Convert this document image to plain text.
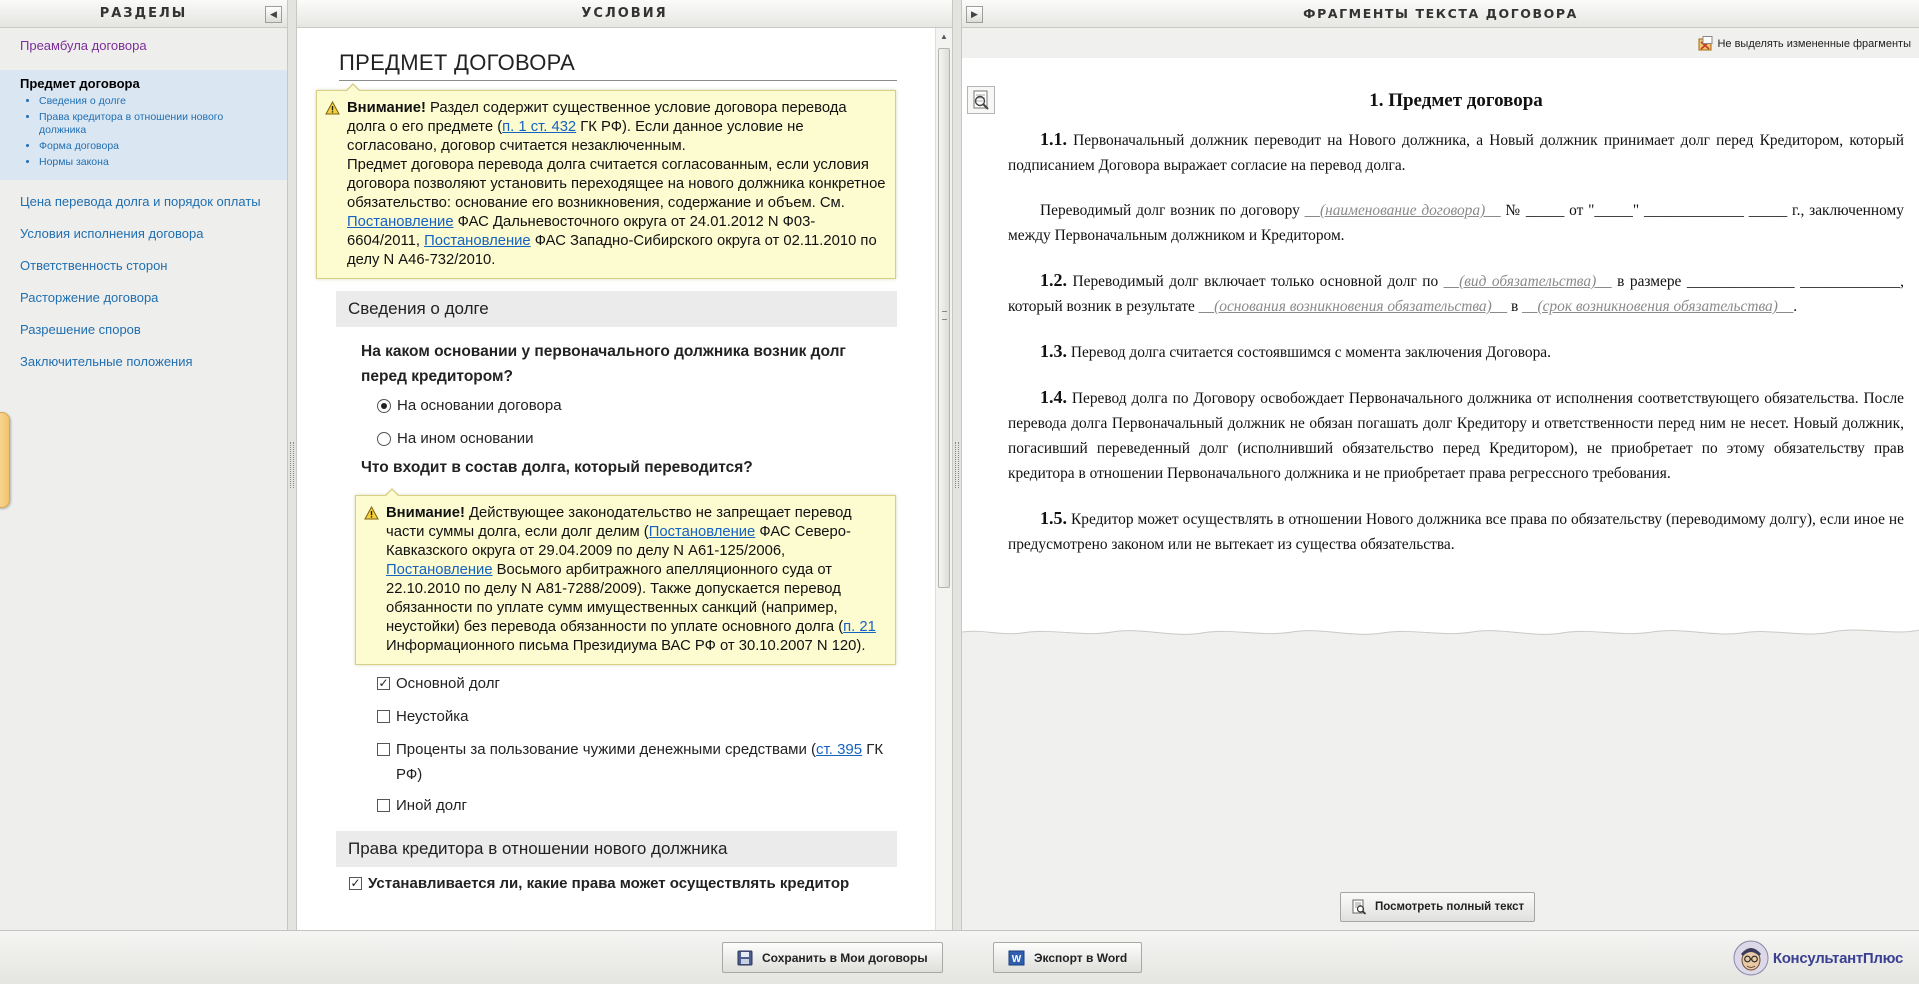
РАЗДЕЛЫ	◀
Преамбула договора
Предмет договора
• Сведения о долге
• Права кредитора в отношении нового должника
• Форма договора
• Нормы закона
Цена перевода долга и порядок оплаты
Условия исполнения договора
Ответственность сторон
Расторжение договора
Разрешение споров
Заключительные положения
УСЛОВИЯ
ПРЕДМЕТ ДОГОВОРА
Внимание! Раздел содержит существенное условие договора перевода долга о его предмете (п. 1 ст. 432 ГК РФ). Если данное условие не согласовано, договор считается незаключенным.
Предмет договора перевода долга считается согласованным, если условия договора позволяют установить переходящее на нового должника конкретное обязательство: основание его возникновения, содержание и объем. См. Постановление ФАС Дальневосточного округа от 24.01.2012 N Ф03-6604/2011, Постановление ФАС Западно-Сибирского округа от 02.11.2010 по делу N А46-732/2010.
Сведения о долге
На каком основании у первоначального должника возник долг перед кредитором?
На основании договора
На ином основании
Что входит в состав долга, который переводится?
Внимание! Действующее законодательство не запрещает перевод части суммы долга, если долг делим (Постановление ФАС Северо-Кавказского округа от 29.04.2009 по делу N А61-125/2006, Постановление Восьмого арбитражного апелляционного суда от 22.10.2010 по делу N А81-7288/2009). Также допускается перевод обязанности по уплате сумм имущественных санкций (например, неустойки) без перевода обязанности по уплате основного долга (п. 21 Информационного письма Президиума ВАС РФ от 30.10.2007 N 120).
✓ Основной долг
Неустойка
Проценты за пользование чужими денежными средствами (ст. 395 ГК РФ)
Иной долг
Права кредитора в отношении нового должника
✓ Устанавливается ли, какие права может осуществлять кредитор
▲
▶	ФРАГМЕНТЫ ТЕКСТА ДОГОВОРА
Не выделять измененные фрагменты
1. Предмет договора

1.1. Первоначальный должник переводит на Нового должника, а Новый должник принимает долг перед Кредитором, который подписанием Договора выражает согласие на перевод долга.

Переводимый долг возник по договору __(наименование договора)__ № _____ от "_____" _____________ _____ г., заключенному между Первоначальным должником и Кредитором.

1.2. Переводимый долг включает только основной долг по __(вид обязательства)__ в размере ______________ _____________, который возник в результате __(основания возникновения обязательства)__ в __(срок возникновения обязательства)__.

1.3. Перевод долга считается состоявшимся с момента заключения Договора.

1.4. Перевод долга по Договору освобождает Первоначального должника от исполнения соответствующего обязательства. После перевода долга Первоначальный должник не обязан погашать долг Кредитору и ответственности перед ним не несет. Новый должник, погасивший переведенный долг (исполнивший обязательство перед Кредитором), не приобретает по этому обязательству прав кредитора в отношении Первоначального должника и не приобретает права регрессного требования.

1.5. Кредитор может осуществлять в отношении Нового должника все права по обязательству (переводимому долгу), если иное не предусмотрено законом или не вытекает из существа обязательства.

Посмотреть полный текст
Сохранить в Мои договоры	W Экспорт в Word	КонсультантПлюс
